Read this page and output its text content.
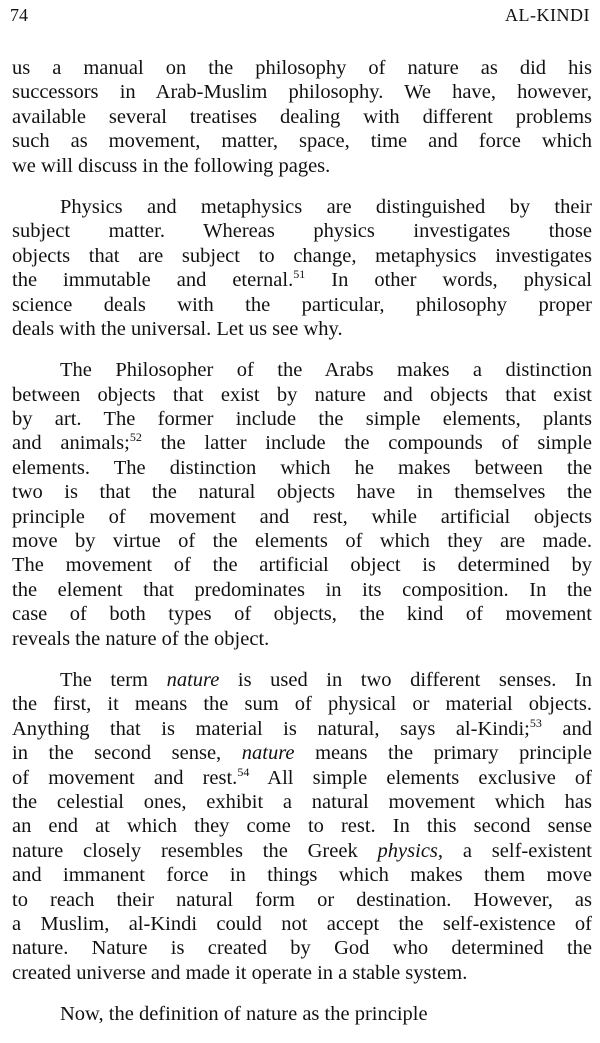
74	AL-KINDI
us a manual on the philosophy of nature as did his
successors in Arab-Muslim philosophy. We have, however,
available several treatises dealing with different problems
such as movement, matter, space, time and force which
we will discuss in the following pages.
Physics and metaphysics are distinguished by their
subject matter. Whereas physics investigates those
objects that are subject to change, metaphysics investigates
the immutable and eternal.$^{51}$ In other words, physical
science deals with the particular, philosophy proper
deals with the universal. Let us see why.
The Philosopher of the Arabs makes a distinction
between objects that exist by nature and objects that exist
by art. The former include the simple elements, plants
and animals;$^{52}$ the latter include the compounds of simple
elements. The distinction which he makes between the
two is that the natural objects have in themselves the
principle of movement and rest, while artificial objects
move by virtue of the elements of which they are made.
The movement of the artificial object is determined by
the element that predominates in its composition. In the
case of both types of objects, the kind of movement
reveals the nature of the object.
The term nature is used in two different senses. In
the first, it means the sum of physical or material objects.
Anything that is material is natural, says al-Kindi;$^{53}$ and
in the second sense, nature means the primary principle
of movement and rest.$^{54}$ All simple elements exclusive of
the celestial ones, exhibit a natural movement which has
an end at which they come to rest. In this second sense
nature closely resembles the Greek physics, a self-existent
and immanent force in things which makes them move
to reach their natural form or destination. However, as
a Muslim, al-Kindi could not accept the self-existence of
nature. Nature is created by God who determined the
created universe and made it operate in a stable system.
Now, the definition of nature as the principle
